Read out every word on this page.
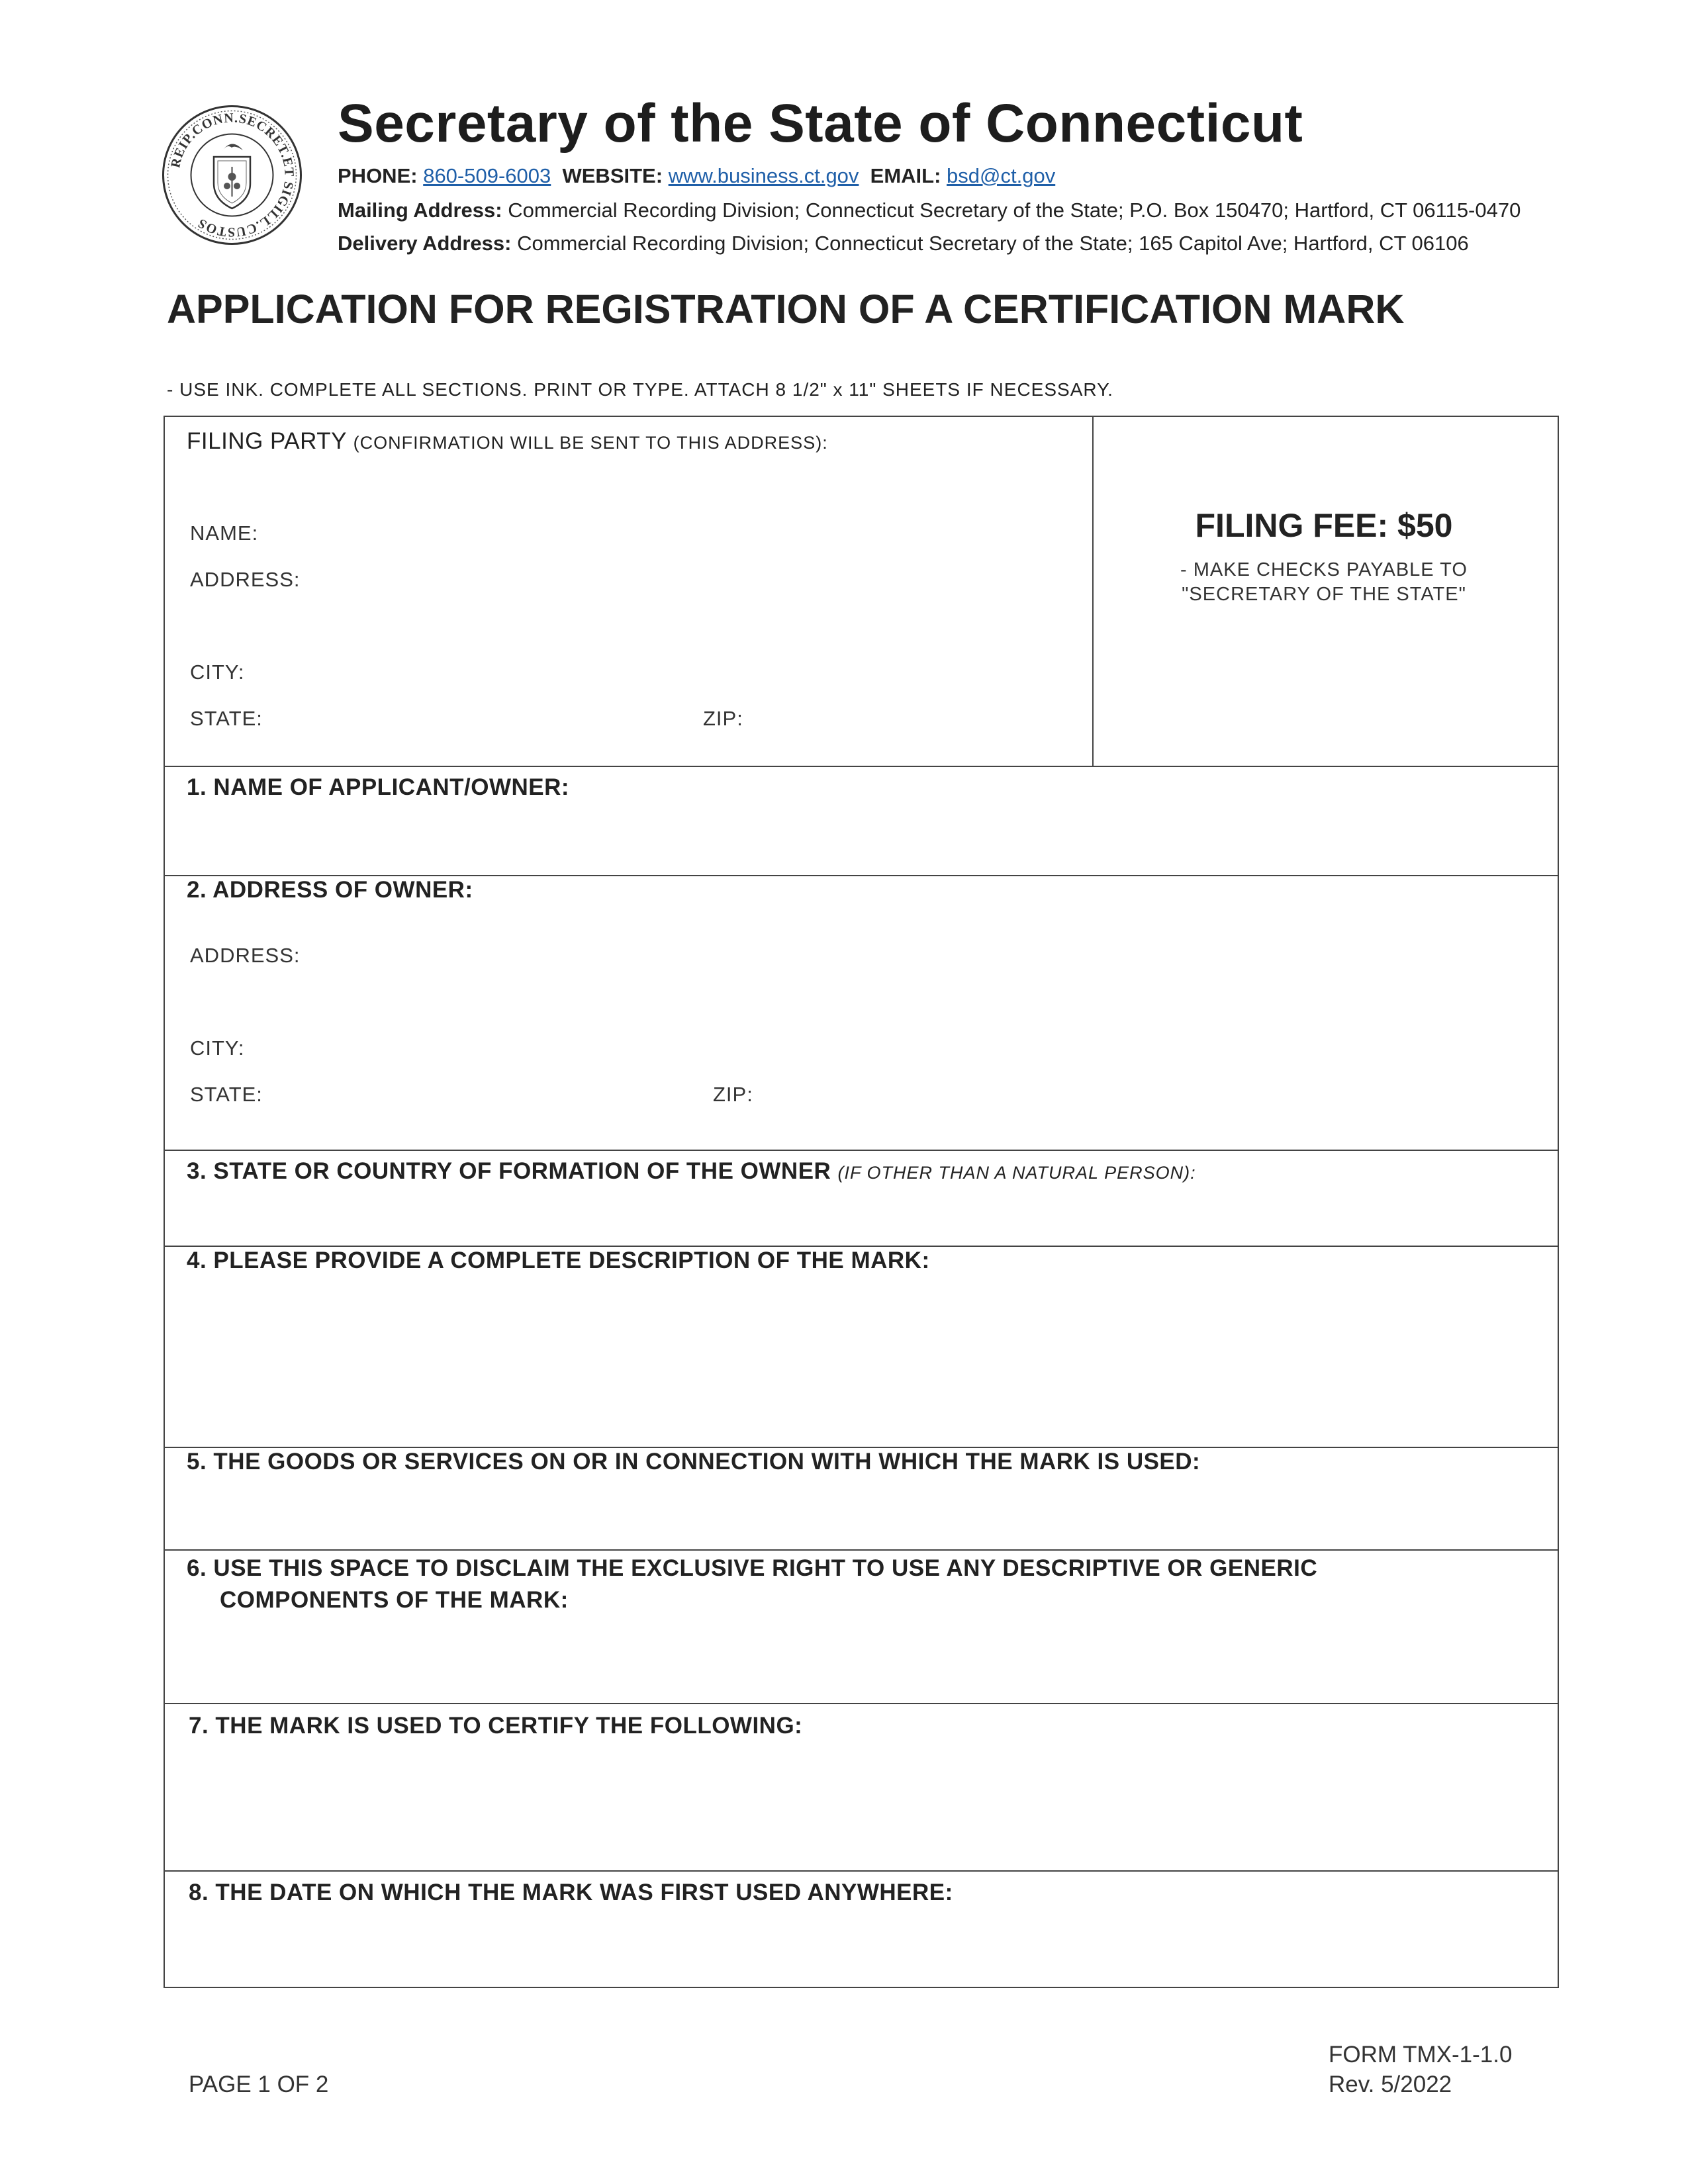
REIP.CONN.SECRET.ET SIGILL.CUSTOS
Secretary of the State of Connecticut
PHONE: 860-509-6003 WEBSITE: www.business.ct.gov EMAIL: bsd@ct.gov
Mailing Address: Commercial Recording Division; Connecticut Secretary of the State; P.O. Box 150470; Hartford, CT 06115-0470
Delivery Address: Commercial Recording Division; Connecticut Secretary of the State; 165 Capitol Ave; Hartford, CT 06106
APPLICATION FOR REGISTRATION OF A CERTIFICATION MARK
- USE INK. COMPLETE ALL SECTIONS. PRINT OR TYPE. ATTACH 8 1/2" x 11" SHEETS IF NECESSARY.
FILING PARTY (CONFIRMATION WILL BE SENT TO THIS ADDRESS):
NAME:
ADDRESS:
CITY:
STATE:	ZIP:
FILING FEE: $50
- MAKE CHECKS PAYABLE TO
"SECRETARY OF THE STATE"
1. NAME OF APPLICANT/OWNER:
2. ADDRESS OF OWNER:
ADDRESS:
CITY:
STATE:	ZIP:
3. STATE OR COUNTRY OF FORMATION OF THE OWNER (IF OTHER THAN A NATURAL PERSON):
4. PLEASE PROVIDE A COMPLETE DESCRIPTION OF THE MARK:
5. THE GOODS OR SERVICES ON OR IN CONNECTION WITH WHICH THE MARK IS USED:
6. USE THIS SPACE TO DISCLAIM THE EXCLUSIVE RIGHT TO USE ANY DESCRIPTIVE OR GENERIC
COMPONENTS OF THE MARK:
7. THE MARK IS USED TO CERTIFY THE FOLLOWING:
8. THE DATE ON WHICH THE MARK WAS FIRST USED ANYWHERE:
FORM TMX-1-1.0
Rev. 5/2022
PAGE 1 OF 2
